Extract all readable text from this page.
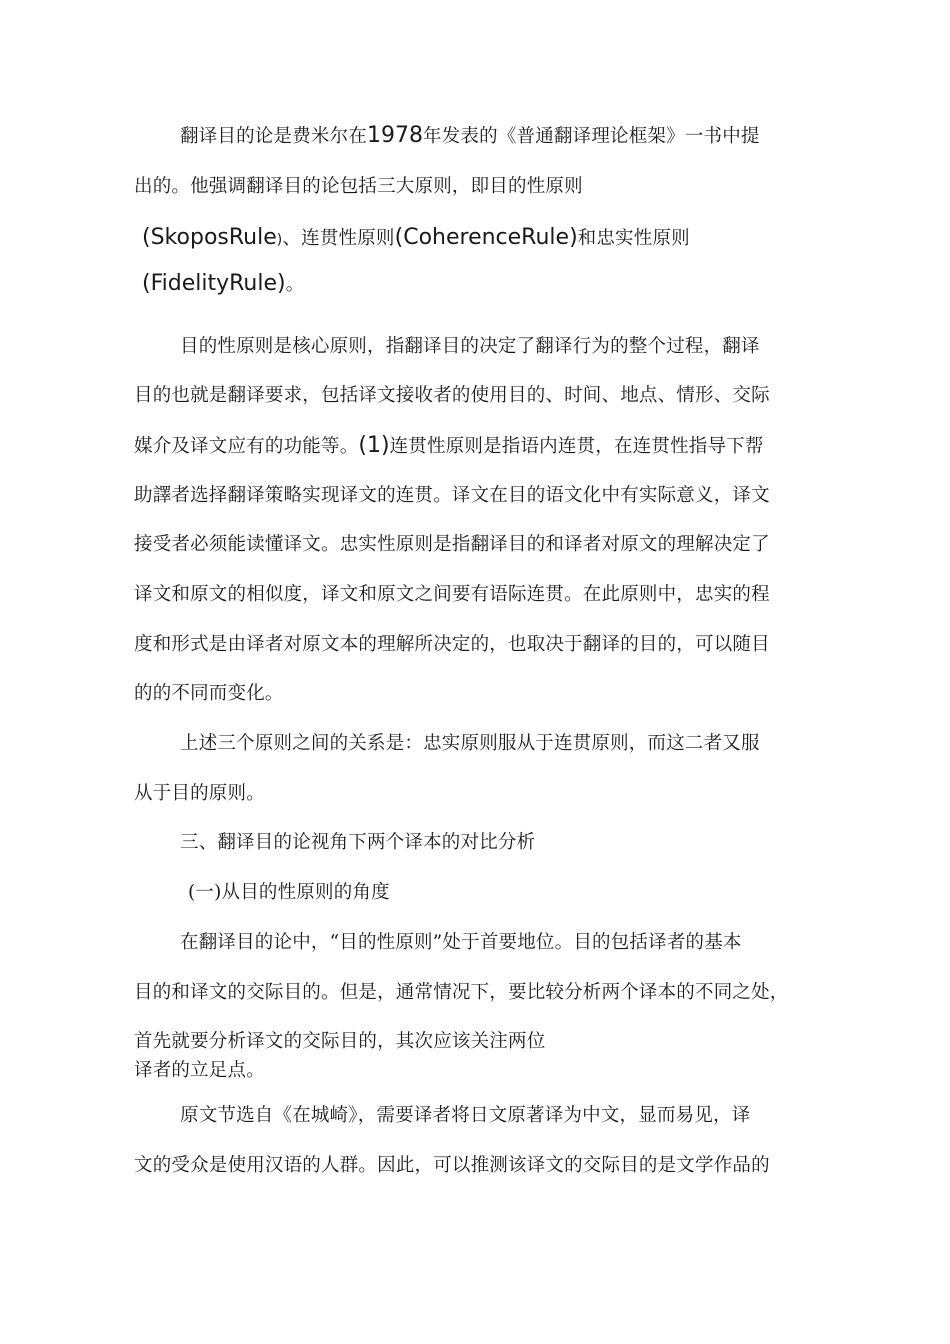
翻译目的论是费米尔在1978年发表的《普通翻译理论框架》一书中提
出的。他强调翻译目的论包括三大原则，即目的性原则
(SkoposRule)、连贯性原则(CoherenceRule)和忠实性原则
(FidelityRule)。
目的性原则是核心原则，指翻译目的决定了翻译行为的整个过程，翻译
目的也就是翻译要求，包括译文接收者的使用目的、时间、地点、情形、交际
媒介及译文应有的功能等。(1)连贯性原则是指语内连贯，在连贯性指导下帮
助譯者选择翻译策略实现译文的连贯。译文在目的语文化中有实际意义，译文
接受者必须能读懂译文。忠实性原则是指翻译目的和译者对原文的理解决定了
译文和原文的相似度，译文和原文之间要有语际连贯。在此原则中，忠实的程
度和形式是由译者对原文本的理解所决定的，也取决于翻译的目的，可以随目
的的不同而变化。
上述三个原则之间的关系是：忠实原则服从于连贯原则，而这二者又服
从于目的原则。
三、翻译目的论视角下两个译本的对比分析
(一)从目的性原则的角度
在翻译目的论中，“目的性原则”处于首要地位。目的包括译者的基本
目的和译文的交际目的。但是，通常情况下，要比较分析两个译本的不同之处，
首先就要分析译文的交际目的，其次应该关注两位
译者的立足点。
原文节选自《在城崎》，需要译者将日文原著译为中文，显而易见，译
文的受众是使用汉语的人群。因此，可以推测该译文的交际目的是文学作品的
